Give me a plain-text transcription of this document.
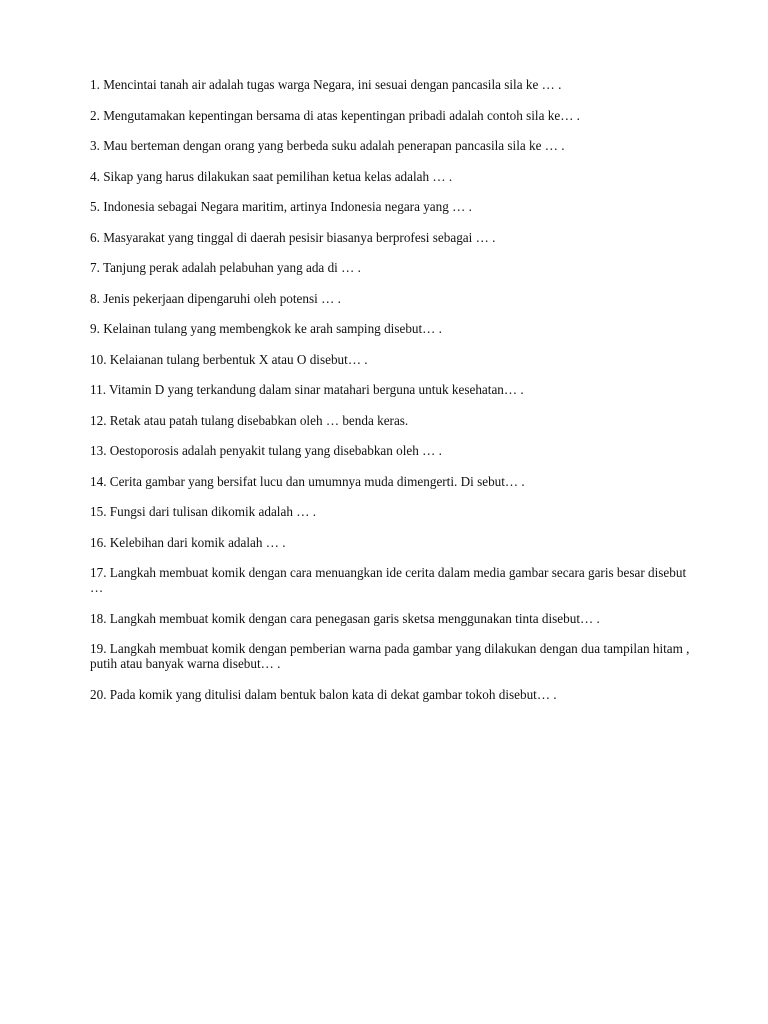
1. Mencintai tanah air adalah tugas warga Negara, ini sesuai dengan pancasila sila ke … .
2. Mengutamakan kepentingan bersama di atas kepentingan pribadi adalah contoh sila ke… .
3. Mau berteman dengan orang yang berbeda suku adalah penerapan pancasila sila ke … .
4. Sikap yang harus dilakukan saat pemilihan ketua kelas adalah … .
5. Indonesia sebagai Negara maritim, artinya Indonesia negara yang … .
6. Masyarakat yang tinggal di daerah pesisir biasanya berprofesi sebagai … .
7. Tanjung perak adalah pelabuhan yang ada di … .
8. Jenis pekerjaan dipengaruhi oleh potensi … .
9. Kelainan tulang yang membengkok ke arah samping disebut… .
10. Kelaianan tulang berbentuk X atau O disebut… .
11. Vitamin D yang terkandung dalam sinar matahari berguna untuk kesehatan… .
12. Retak atau patah tulang disebabkan oleh … benda keras.
13. Oestoporosis adalah penyakit tulang yang disebabkan oleh … .
14. Cerita gambar yang bersifat lucu dan umumnya muda dimengerti. Di sebut… .
15. Fungsi dari tulisan dikomik adalah … .
16. Kelebihan dari komik adalah … .
17. Langkah membuat komik dengan cara menuangkan ide cerita dalam media gambar secara garis besar disebut …
18. Langkah membuat komik dengan cara penegasan garis sketsa menggunakan tinta disebut… .
19. Langkah membuat komik dengan pemberian warna pada gambar yang dilakukan dengan dua tampilan hitam , putih atau banyak warna disebut… .
20. Pada komik yang ditulisi dalam bentuk balon kata di dekat gambar tokoh disebut… .
